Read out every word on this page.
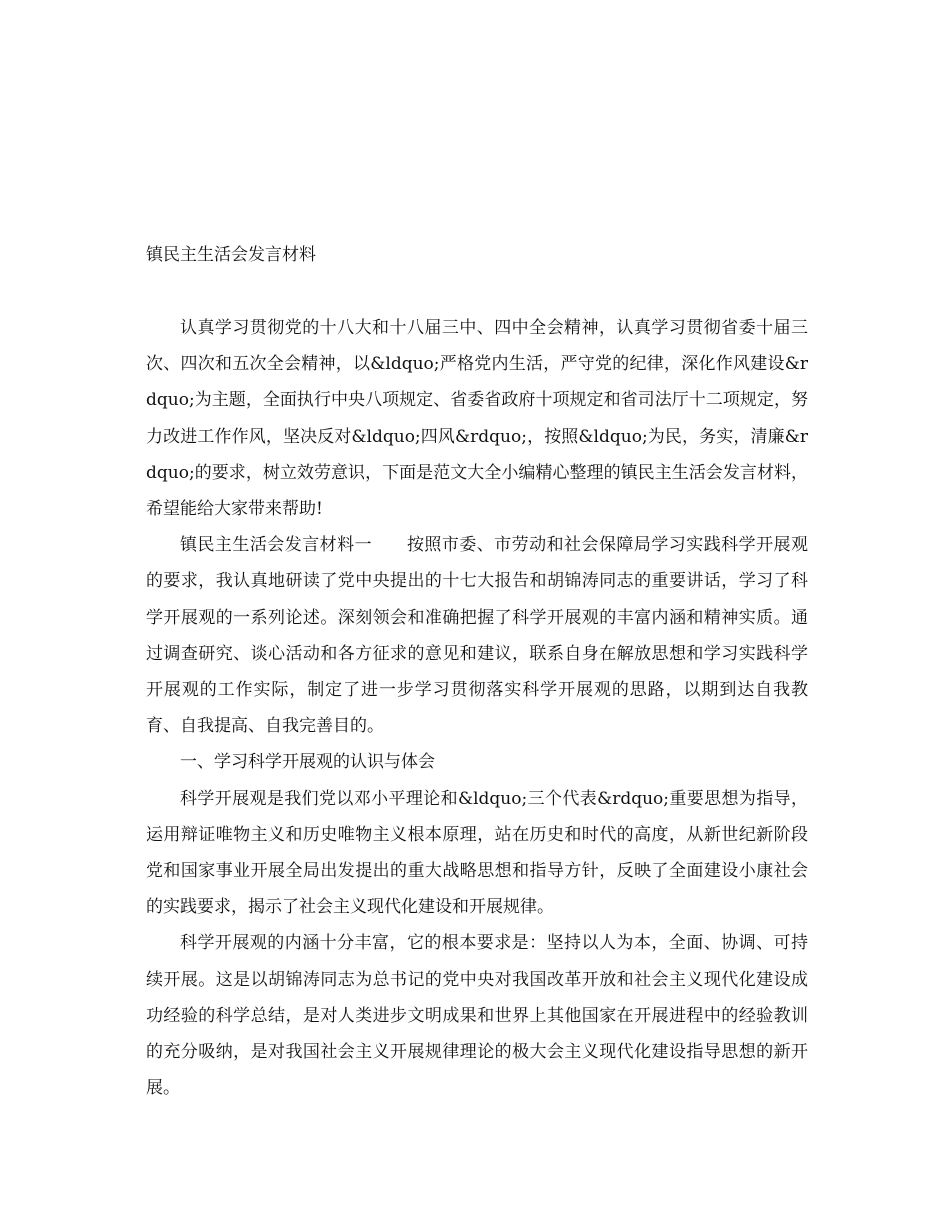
镇民主生活会发言材料

认真学习贯彻党的十八大和十八届三中、四中全会精神，认真学习贯彻省委十届三次、四次和五次全会精神，以&ldquo;严格党内生活，严守党的纪律，深化作风建设&rdquo;为主题，全面执行中央八项规定、省委省政府十项规定和省司法厅十二项规定，努力改进工作作风，坚决反对&ldquo;四风&rdquo;，按照&ldquo;为民，务实，清廉&rdquo;的要求，树立效劳意识，下面是范文大全小编精心整理的镇民主生活会发言材料，希望能给大家带来帮助!

镇民主生活会发言材料一　　按照市委、市劳动和社会保障局学习实践科学开展观的要求，我认真地研读了党中央提出的十七大报告和胡锦涛同志的重要讲话，学习了科学开展观的一系列论述。深刻领会和准确把握了科学开展观的丰富内涵和精神实质。通过调查研究、谈心活动和各方征求的意见和建议，联系自身在解放思想和学习实践科学开展观的工作实际，制定了进一步学习贯彻落实科学开展观的思路，以期到达自我教育、自我提高、自我完善目的。

一、学习科学开展观的认识与体会

科学开展观是我们党以邓小平理论和&ldquo;三个代表&rdquo;重要思想为指导，运用辩证唯物主义和历史唯物主义根本原理，站在历史和时代的高度，从新世纪新阶段党和国家事业开展全局出发提出的重大战略思想和指导方针，反映了全面建设小康社会的实践要求，揭示了社会主义现代化建设和开展规律。

科学开展观的内涵十分丰富，它的根本要求是：坚持以人为本，全面、协调、可持续开展。这是以胡锦涛同志为总书记的党中央对我国改革开放和社会主义现代化建设成功经验的科学总结，是对人类进步文明成果和世界上其他国家在开展进程中的经验教训的充分吸纳，是对我国社会主义开展规律理论的极大会主义现代化建设指导思想的新开展。
